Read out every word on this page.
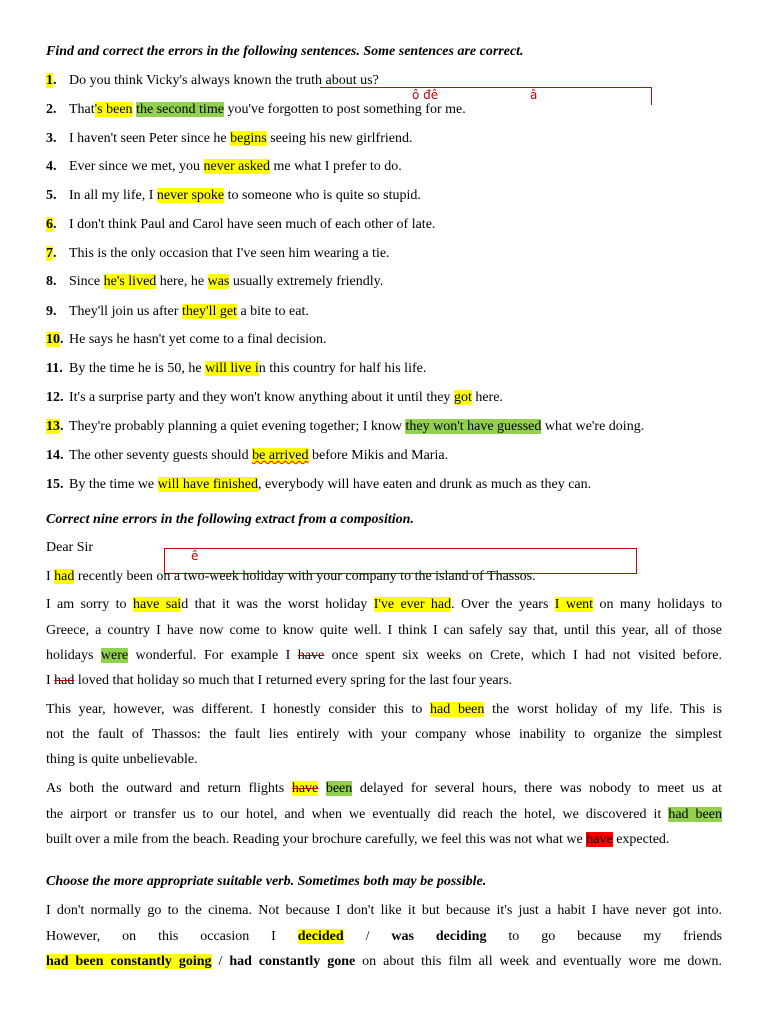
Find and correct the errors in the following sentences. Some sentences are correct.
ô đê	â
1. Do you think Vicky's always known the truth about us?
2. That's been the second time you've forgotten to post something for me.
3. I haven't seen Peter since he begins seeing his new girlfriend.
4. Ever since we met, you never asked me what I prefer to do.
5. In all my life, I never spoke to someone who is quite so stupid.
6. I don't think Paul and Carol have seen much of each other of late.
7. This is the only occasion that I've seen him wearing a tie.
8. Since he's lived here, he was usually extremely friendly.
9. They'll join us after they'll get a bite to eat.
10. He says he hasn't yet come to a final decision.
11. By the time he is 50, he will live in this country for half his life.
12. It's a surprise party and they won't know anything about it until they got here.
13. They're probably planning a quiet evening together; I know they won't have guessed what we're doing.
14. The other seventy guests should be arrived before Mikis and Maria.
15. By the time we will have finished, everybody will have eaten and drunk as much as they can.
Correct nine errors in the following extract from a composition.
Dear Sir
ê
I had recently been on a two-week holiday with your company to the island of Thassos.
I am sorry to have said that it was the worst holiday I've ever had. Over the years I went on many holidays to
Greece, a country I have now come to know quite well. I think I can safely say that, until this year, all of those
holidays were wonderful. For example I have once spent six weeks on Crete, which I had not visited before.
I had loved that holiday so much that I returned every spring for the last four years.
This year, however, was different. I honestly consider this to had been the worst holiday of my life. This is
not the fault of Thassos: the fault lies entirely with your company whose inability to organize the simplest
thing is quite unbelievable.
As both the outward and return flights have been delayed for several hours, there was nobody to meet us at
the airport or transfer us to our hotel, and when we eventually did reach the hotel, we discovered it had been
built over a mile from the beach. Reading your brochure carefully, we feel this was not what we have expected.
Choose the more appropriate suitable verb. Sometimes both may be possible.
I don't normally go to the cinema. Not because I don't like it but because it's just a habit I have never got into.
However, on this occasion I decided / was deciding to go because my friends
had been constantly going / had constantly gone on about this film all week and eventually wore me down.
